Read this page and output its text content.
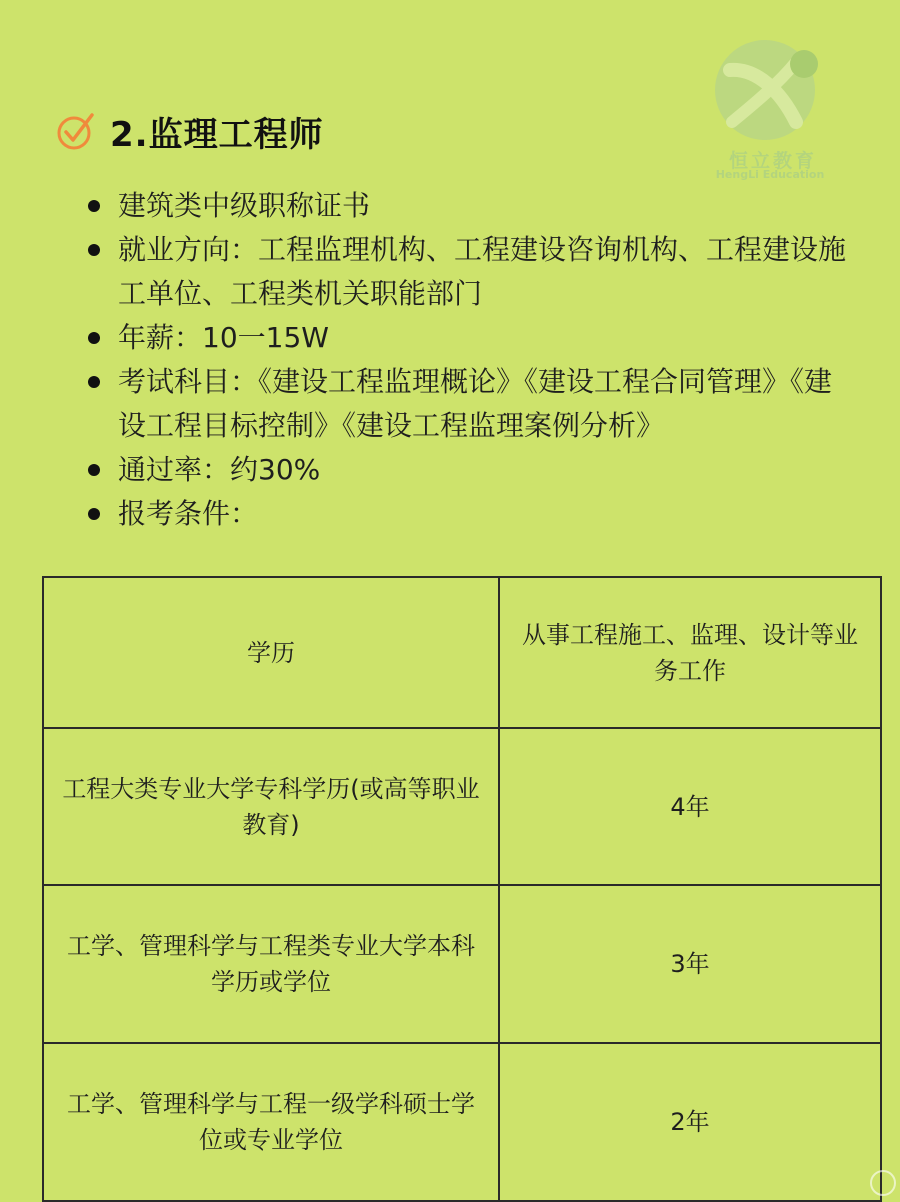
恒立教育
HengLi Education
2.监理工程师
建筑类中级职称证书
就业方向：工程监理机构、工程建设咨询机构、工程建设施工单位、工程类机关职能部门
年薪：10一15W
考试科目：《建设工程监理概论》《建设工程合同管理》《建设工程目标控制》《建设工程监理案例分析》
通过率：约30%
报考条件：
学历	从事工程施工、监理、设计等业务工作
工程大类专业大学专科学历(或高等职业教育)	4年
工学、管理科学与工程类专业大学本科学历或学位	3年
工学、管理科学与工程一级学科硕士学位或专业学位	2年
